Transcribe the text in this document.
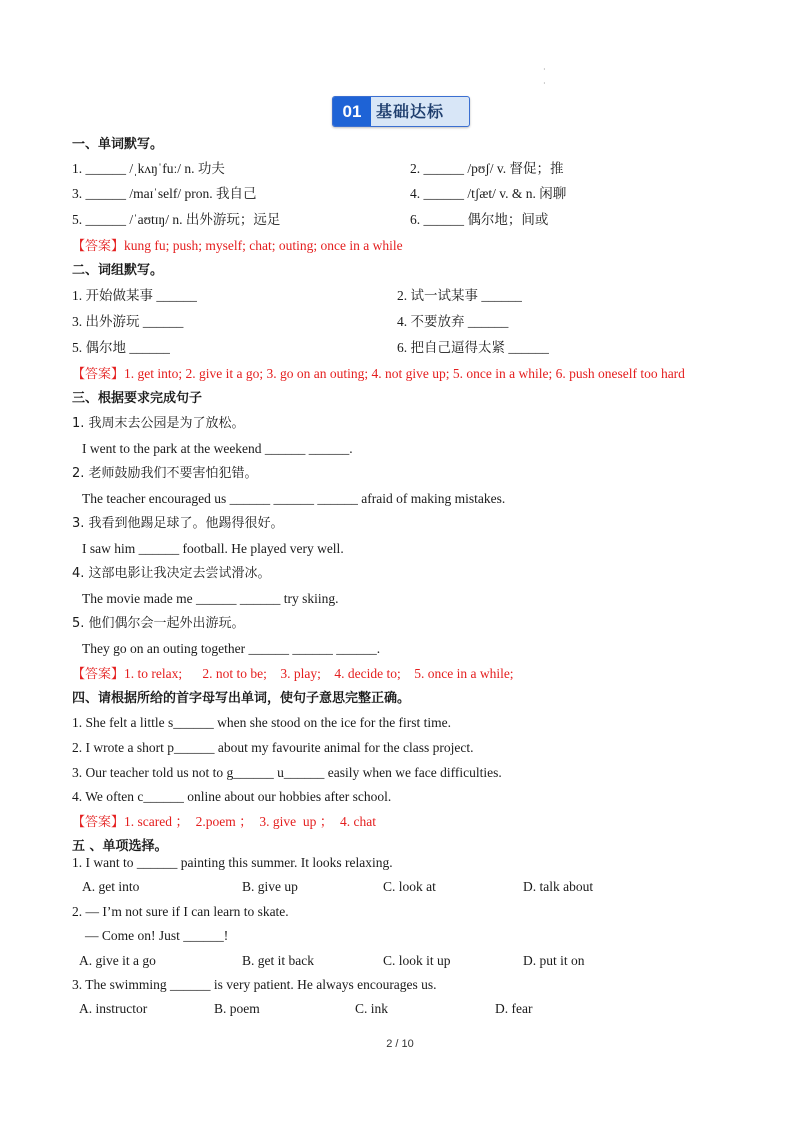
·
·
01 基础达标
一、单词默写。
1. ______ /ˌkʌŋˈfuː/ n. 功夫	2. ______ /pʊʃ/ v. 督促；推
3. ______ /maɪˈself/ pron. 我自己	4. ______ /tʃæt/ v. & n. 闲聊
5. ______ /ˈaʊtɪŋ/ n. 出外游玩；远足	6. ______ 偶尔地；间或
【答案】kung fu; push; myself; chat; outing; once in a while
二、词组默写。
1. 开始做某事 ______	2. 试一试某事 ______
3. 出外游玩 ______	4. 不要放弃 ______
5. 偶尔地 ______	6. 把自己逼得太紧 ______
【答案】1. get into; 2. give it a go; 3. go on an outing; 4. not give up; 5. once in a while; 6. push oneself too hard
三、根据要求完成句子
1. 我周末去公园是为了放松。
I went to the park at the weekend ______ ______.
2. 老师鼓励我们不要害怕犯错。
The teacher encouraged us ______ ______ ______ afraid of making mistakes.
3. 我看到他踢足球了。他踢得很好。
I saw him ______ football. He played very well.
4. 这部电影让我决定去尝试滑冰。
The movie made me ______ ______ try skiing.
5. 他们偶尔会一起外出游玩。
They go on an outing together ______ ______ ______.
【答案】1. to relax;      2. not to be;    3. play;    4. decide to;    5. once in a while;
四、请根据所给的首字母写出单词，使句子意思完整正确。
1. She felt a little s______ when she stood on the ice for the first time.
2. I wrote a short p______ about my favourite animal for the class project.
3. Our teacher told us not to g______ u______ easily when we face difficulties.
4. We often c______ online about our hobbies after school.
【答案】1. scared ；  2.poem ；  3. give  up ；  4. chat
五 、单项选择。
1. I want to ______ painting this summer. It looks relaxing.
A. get into	B. give up	C. look at	D. talk about
2. — I’m not sure if I can learn to skate.
— Come on! Just ______!
A. give it a go	B. get it back	C. look it up	D. put it on
3. The swimming ______ is very patient. He always encourages us.
A. instructor	B. poem	C. ink	D. fear
2 / 10
